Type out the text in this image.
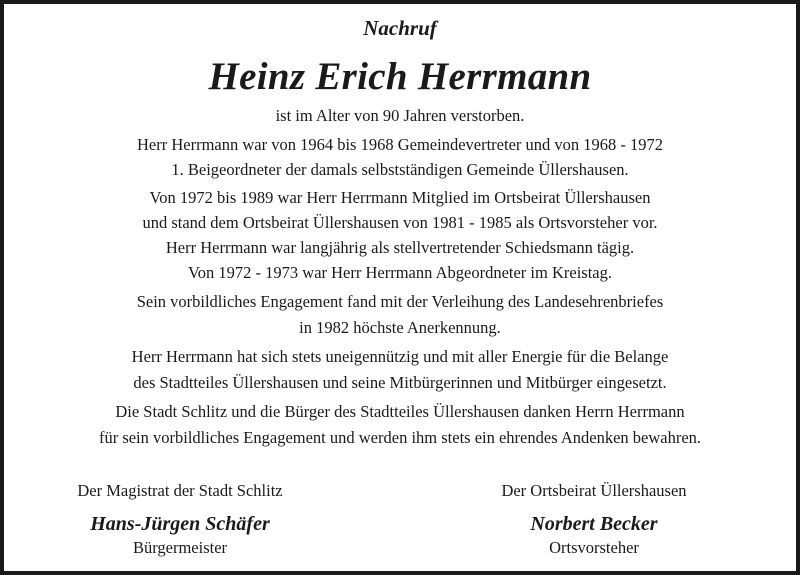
Nachruf
Heinz Erich Herrmann
ist im Alter von 90 Jahren verstorben.
Herr Herrmann war von 1964 bis 1968 Gemeindevertreter und von 1968 - 1972
1. Beigeordneter der damals selbstständigen Gemeinde Üllershausen.
Von 1972 bis 1989 war Herr Herrmann Mitglied im Ortsbeirat Üllershausen
und stand dem Ortsbeirat Üllershausen von 1981 - 1985 als Ortsvorsteher vor.
Herr Herrmann war langjährig als stellvertretender Schiedsmann tägig.
Von 1972 - 1973 war Herr Herrmann Abgeordneter im Kreistag.
Sein vorbildliches Engagement fand mit der Verleihung des Landesehrenbriefes
in 1982 höchste Anerkennung.
Herr Herrmann hat sich stets uneigennützig und mit aller Energie für die Belange
des Stadtteiles Üllershausen und seine Mitbürgerinnen und Mitbürger eingesetzt.
Die Stadt Schlitz und die Bürger des Stadtteiles Üllershausen danken Herrn Herrmann
für sein vorbildliches Engagement und werden ihm stets ein ehrendes Andenken bewahren.
Der Magistrat der Stadt Schlitz
Hans-Jürgen Schäfer
Bürgermeister
Der Ortsbeirat Üllershausen
Norbert Becker
Ortsvorsteher
